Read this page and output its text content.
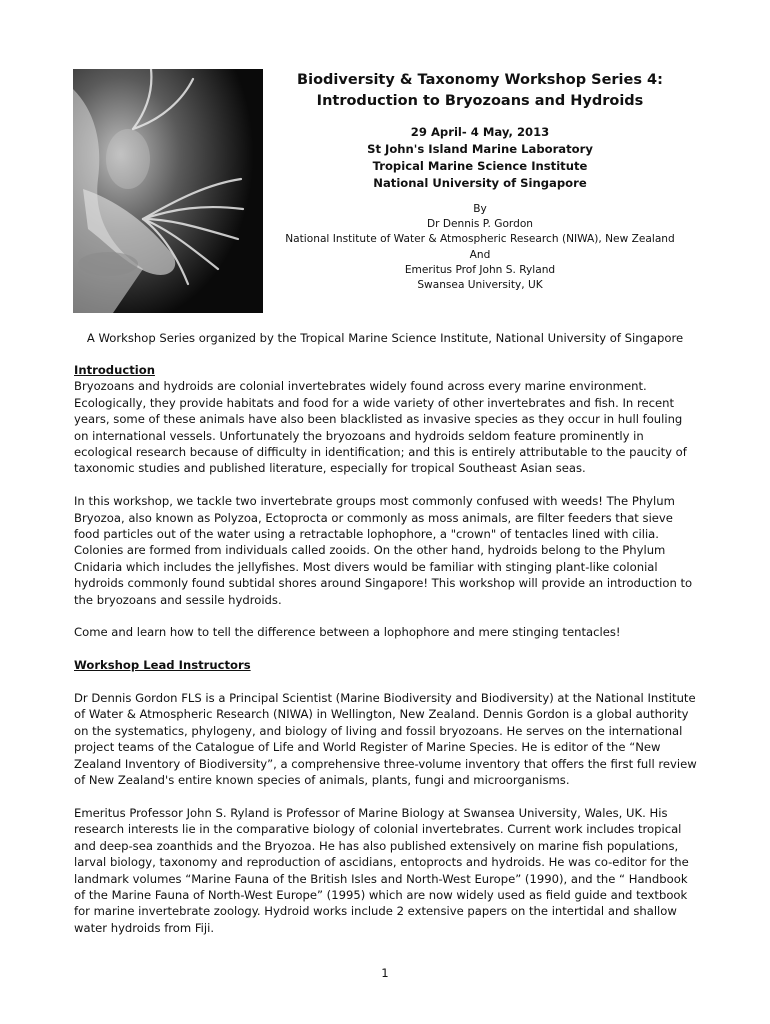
Biodiversity & Taxonomy Workshop Series 4:
Introduction to Bryozoans and Hydroids
29 April- 4 May, 2013
St John's Island Marine Laboratory
Tropical Marine Science Institute
National University of Singapore
By
Dr Dennis P. Gordon
National Institute of Water & Atmospheric Research (NIWA), New Zealand
And
Emeritus Prof John S. Ryland
Swansea University, UK
A Workshop Series organized by the Tropical Marine Science Institute, National University of Singapore
Introduction

Bryozoans and hydroids are colonial invertebrates widely found across every marine environment. Ecologically, they provide habitats and food for a wide variety of other invertebrates and fish. In recent years, some of these animals have also been blacklisted as invasive species as they occur in hull fouling on international vessels. Unfortunately the bryozoans and hydroids seldom feature prominently in ecological research because of difficulty in identification; and this is entirely attributable to the paucity of taxonomic studies and published literature, especially for tropical Southeast Asian seas.

In this workshop, we tackle two invertebrate groups most commonly confused with weeds! The Phylum Bryozoa, also known as Polyzoa, Ectoprocta or commonly as moss animals, are filter feeders that sieve food particles out of the water using a retractable lophophore, a "crown" of tentacles lined with cilia. Colonies are formed from individuals called zooids. On the other hand, hydroids belong to the Phylum Cnidaria which includes the jellyfishes. Most divers would be familiar with stinging plant-like colonial hydroids commonly found subtidal shores around Singapore! This workshop will provide an introduction to the bryozoans and sessile hydroids.

Come and learn how to tell the difference between a lophophore and mere stinging tentacles!

Workshop Lead Instructors

Dr Dennis Gordon FLS is a Principal Scientist (Marine Biodiversity and Biodiversity) at the National Institute of Water & Atmospheric Research (NIWA) in Wellington, New Zealand. Dennis Gordon is a global authority on the systematics, phylogeny, and biology of living and fossil bryozoans. He serves on the international project teams of the Catalogue of Life and World Register of Marine Species. He is editor of the “New Zealand Inventory of Biodiversity”, a comprehensive three-volume inventory that offers the first full review of New Zealand's entire known species of animals, plants, fungi and microorganisms.

Emeritus Professor John S. Ryland is Professor of Marine Biology at Swansea University, Wales, UK. His research interests lie in the comparative biology of colonial invertebrates. Current work includes tropical and deep-sea zoanthids and the Bryozoa. He has also published extensively on marine fish populations, larval biology, taxonomy and reproduction of ascidians, entoprocts and hydroids. He was co-editor for the landmark volumes “Marine Fauna of the British Isles and North-West Europe” (1990), and the “ Handbook of the Marine Fauna of North-West Europe” (1995) which are now widely used as field guide and textbook for marine invertebrate zoology. Hydroid works include 2 extensive papers on the intertidal and shallow water hydroids from Fiji.

1
